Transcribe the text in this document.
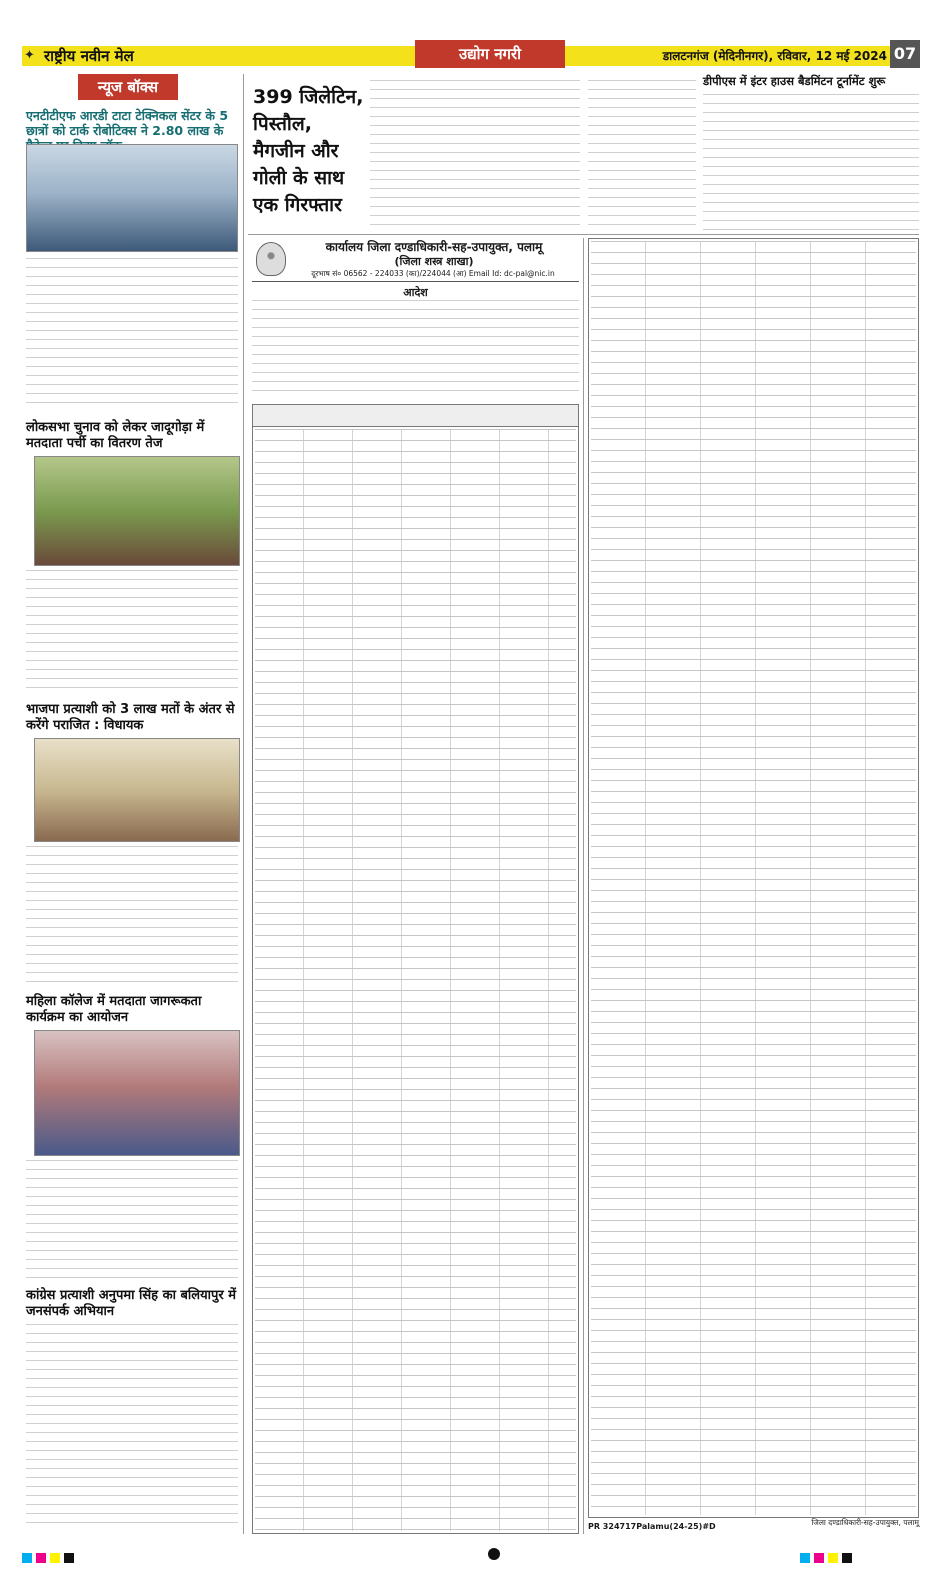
✦ राष्ट्रीय नवीन मेल	उद्योग नगरी	डालटनगंज (मेदिनीनगर), रविवार, 12 मई 2024 07
न्यूज बॉक्स
एनटीटीएफ आरडी टाटा टेक्निकल सेंटर के 5 छात्रों को टार्क रोबोटिक्स ने 2.80 लाख के
लोकसभा चुनाव को लेकर जादूगोड़ा में मतदाता पर्ची का वितरण तेज
भाजपा प्रत्याशी को 3 लाख मतों के अंतर से करेंगे पराजित : विधायक
महिला कॉलेज में मतदाता जागरूकता कार्यक्रम का आयोजन
कांग्रेस प्रत्याशी अनुपमा सिंह का बलियापुर में जनसंपर्क अभियान
399 जिलेटिन, पिस्तौल, मैगजीन और गोली के साथ एक गिरफ्तार
डीपीएस में इंटर हाउस बैडमिंटन टूर्नामेंट शुरू
कार्यालय जिला दण्डाधिकारी-सह-उपायुक्त, पलामू
(जिला शस्त्र शाखा)
दूरभाष सं० 06562 - 224033 (का)/224044 (आ) Email Id: dc-pal@nic.in
आदेश
PR 324717Palamu(24-25)#D	जिला दण्डाधिकारी-सह-उपायुक्त, पलामू
